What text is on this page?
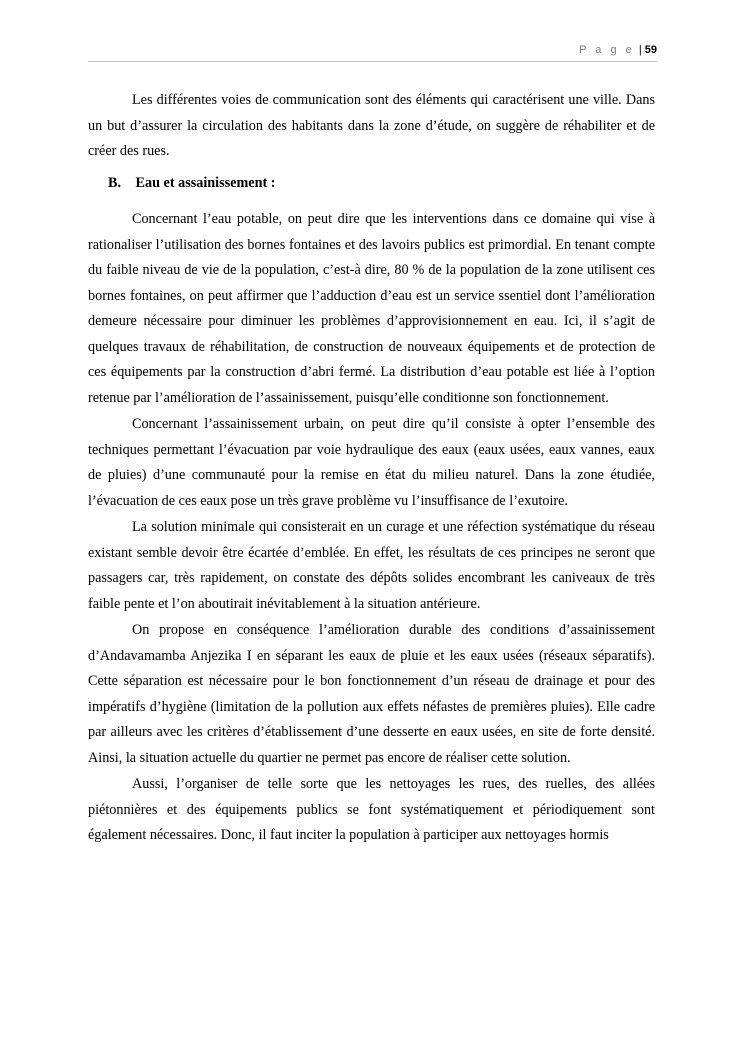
P a g e | 59

Les différentes voies de communication sont des éléments qui caractérisent une ville. Dans un but d’assurer la circulation des habitants dans la zone d’étude, on suggère de réhabiliter et de créer des rues.

B. Eau et assainissement :

Concernant l’eau potable, on peut dire que les interventions dans ce domaine qui vise à rationaliser l’utilisation des bornes fontaines et des lavoirs publics est primordial. En tenant compte du faible niveau de vie de la population, c’est-à dire, 80 % de la population de la zone utilisent ces bornes fontaines, on peut affirmer que l’adduction d’eau est un service ssentiel dont l’amélioration demeure nécessaire pour diminuer les problèmes d’approvisionnement en eau. Ici, il s’agit de quelques travaux de réhabilitation, de construction de nouveaux équipements et de protection de ces équipements par la construction d’abri fermé. La distribution d’eau potable est liée à l’option retenue par l’amélioration de l’assainissement, puisqu’elle conditionne son fonctionnement.

Concernant l’assainissement urbain, on peut dire qu’il consiste à opter l’ensemble des techniques permettant l’évacuation par voie hydraulique des eaux (eaux usées, eaux vannes, eaux de pluies) d’une communauté pour la remise en état du milieu naturel. Dans la zone étudiée, l’évacuation de ces eaux pose un très grave problème vu l’insuffisance de l’exutoire.

La solution minimale qui consisterait en un curage et une réfection systématique du réseau existant semble devoir être écartée d’emblée. En effet, les résultats de ces principes ne seront que passagers car, très rapidement, on constate des dépôts solides encombrant les caniveaux de très faible pente et l’on aboutirait inévitablement à la situation antérieure.

On propose en conséquence l’amélioration durable des conditions d’assainissement d’Andavamamba Anjezika I en séparant les eaux de pluie et les eaux usées (réseaux séparatifs). Cette séparation est nécessaire pour le bon fonctionnement d’un réseau de drainage et pour des impératifs d’hygiène (limitation de la pollution aux effets néfastes de premières pluies). Elle cadre par ailleurs avec les critères d’établissement d’une desserte en eaux usées, en site de forte densité. Ainsi, la situation actuelle du quartier ne permet pas encore de réaliser cette solution.

Aussi, l’organiser de telle sorte que les nettoyages les rues, des ruelles, des allées piétonnières et des équipements publics se font systématiquement et périodiquement sont également nécessaires. Donc, il faut inciter la population à participer aux nettoyages hormis
